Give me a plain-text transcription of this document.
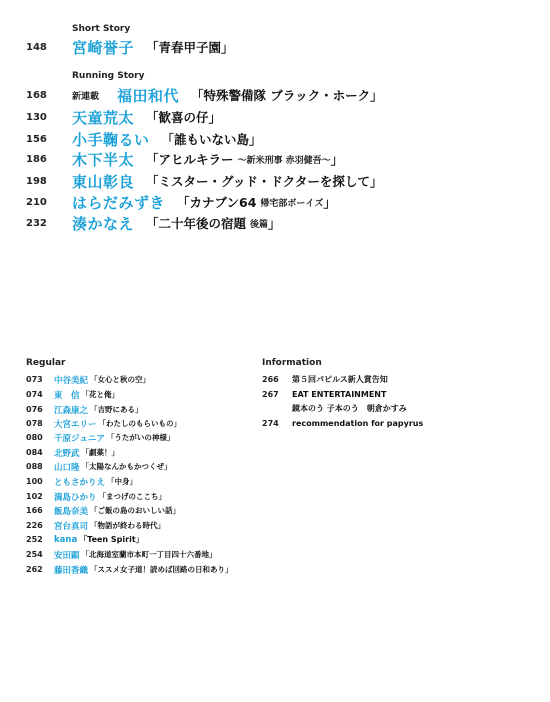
Short Story
148	宮崎誉子 「青春甲子園」
Running Story
168	新連載	福田和代 「特殊警備隊 ブラック・ホーク」
130	天童荒太 「歓喜の仔」
156	小手鞠るい 「誰もいない島」
186	木下半太 「アヒルキラー 〜新米刑事 赤羽健吾〜 」
198	東山彰良 「ミスター・グッド・ドクターを探して」
210	はらだみずき 「カナブン64 帰宅部ボーイズ 」
232	湊かなえ 「二十年後の宿題 後篇 」
Regular
073	中谷美紀 「女心と秋の空」
074	東　信 「花と俺」
076	江森康之 「吉野にある」
078	大宮エリー 「わたしのもらいもの」
080	千原ジュニア 「うたがいの神様」
084	北野武 「劇薬！」
088	山口隆 「太陽なんかもかつくぜ」
100	ともさかりえ 「中身」
102	満島ひかり 「まつげのここち」
166	飯島奈美 「ご飯の島のおいしい話」
226	宮台真司 「物語が終わる時代」
252	kana 「Teen Spirit」
254	安田顕 「北海道室蘭市本町一丁目四十六番地」
262	藤田香織 「ススメ女子道！読めば回路の日和あり」
Information
266	第５回パピルス新人賞告知
267	EAT ENTERTAINMENT
鏡本のう 子本のう　朝倉かすみ
274	recommendation for papyrus
